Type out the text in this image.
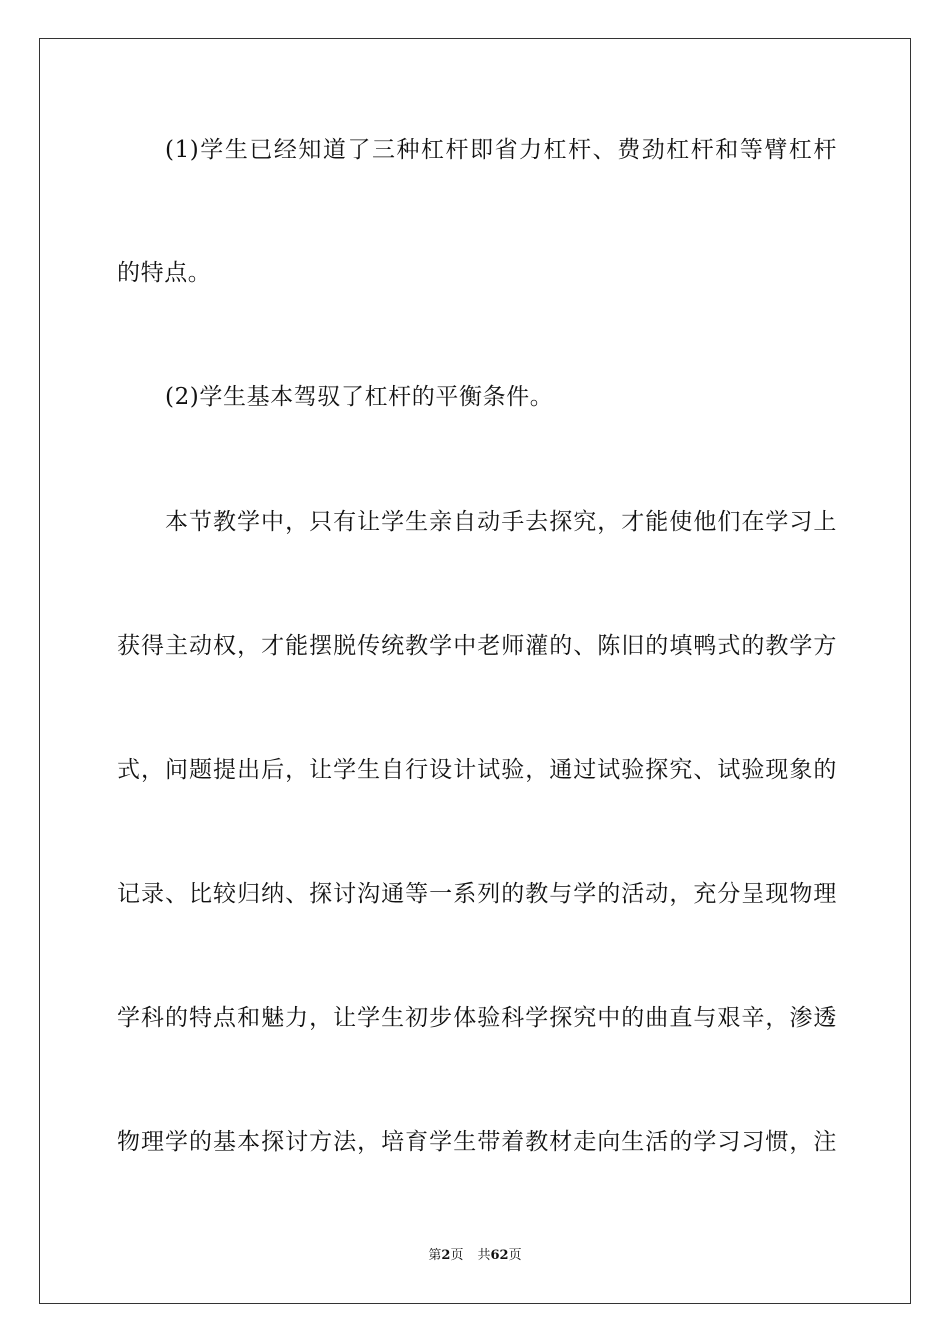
(1)学生已经知道了三种杠杆即省力杠杆、费劲杠杆和等臂杠杆
的特点。
(2)学生基本驾驭了杠杆的平衡条件。
本节教学中，只有让学生亲自动手去探究，才能使他们在学习上
获得主动权，才能摆脱传统教学中老师灌的、陈旧的填鸭式的教学方
式，问题提出后，让学生自行设计试验，通过试验探究、试验现象的
记录、比较归纳、探讨沟通等一系列的教与学的活动，充分呈现物理
学科的特点和魅力，让学生初步体验科学探究中的曲直与艰辛，渗透
物理学的基本探讨方法，培育学生带着教材走向生活的学习习惯，注
第2页 共62页
